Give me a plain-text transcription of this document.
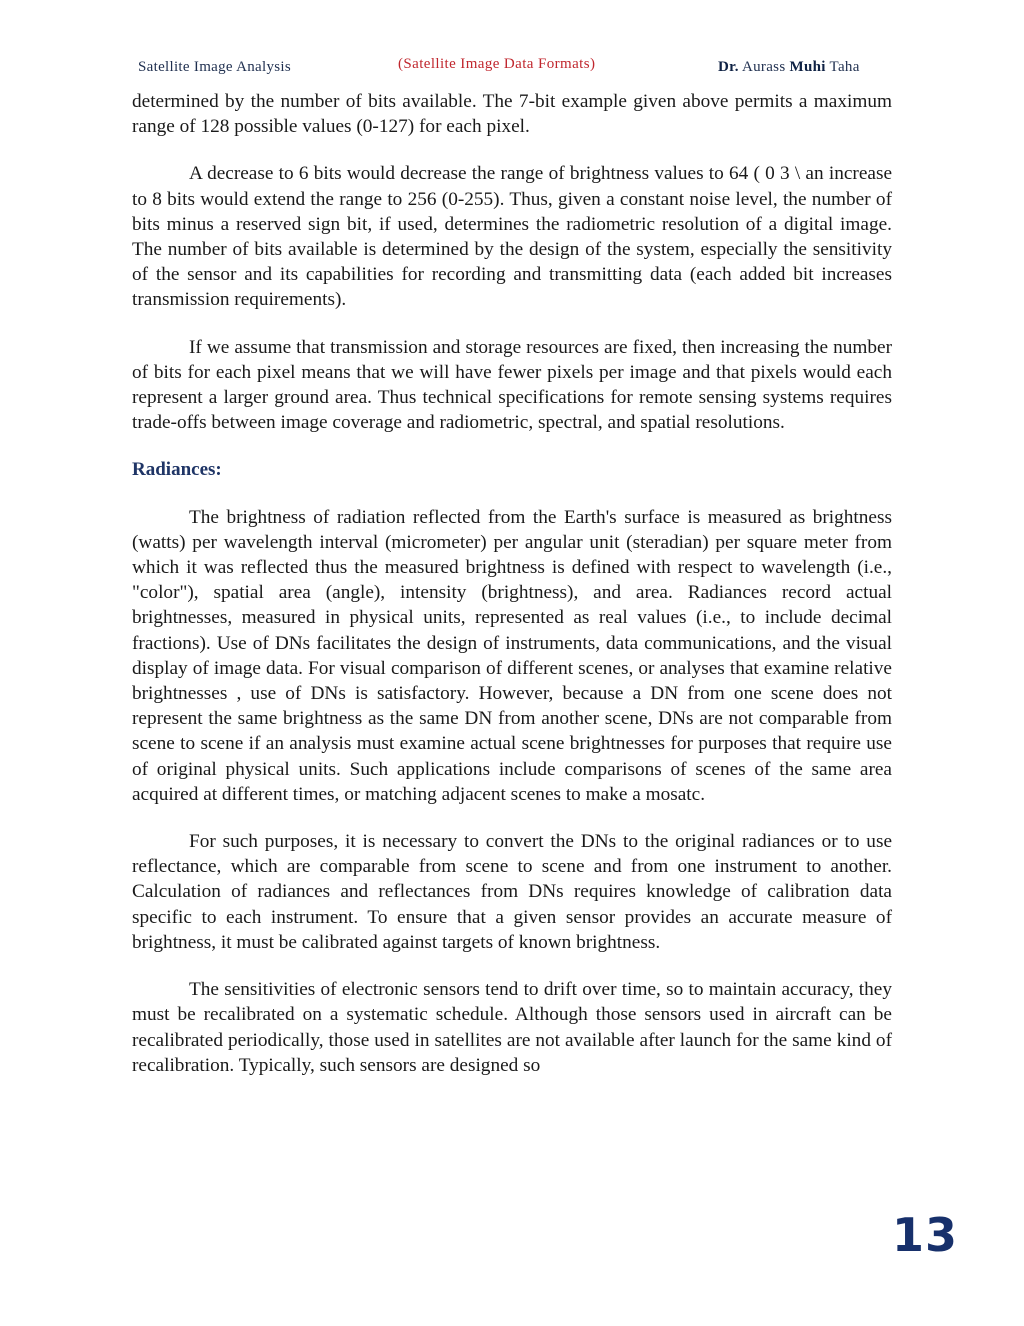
Satellite Image Analysis	(Satellite Image Data Formats)	Dr. Aurass Muhi Taha

determined by the number of bits available. The 7-bit example given above permits a maximum range of 128 possible values (0-127) for each pixel.

A decrease to 6 bits would decrease the range of brightness values to 64 ( 0 3 \ an increase to 8 bits would extend the range to 256 (0-255). Thus, given a constant noise level, the number of bits minus a reserved sign bit, if used, determines the radiometric resolution of a digital image. The number of bits available is determined by the design of the system, especially the sensitivity of the sensor and its capabilities for recording and transmitting data (each added bit increases transmission requirements).

If we assume that transmission and storage resources are fixed, then increasing the number of bits for each pixel means that we will have fewer pixels per image and that pixels would each represent a larger ground area. Thus technical specifications for remote sensing systems requires trade-offs between image coverage and radiometric, spectral, and spatial resolutions.

Radiances:

The brightness of radiation reflected from the Earth's surface is measured as brightness (watts) per wavelength interval (micrometer) per angular unit (steradian) per square meter from which it was reflected thus the measured brightness is defined with respect to wavelength (i.e., "color"), spatial area (angle), intensity (brightness), and area. Radiances record actual brightnesses, measured in physical units, represented as real values (i.e., to include decimal fractions). Use of DNs facilitates the design of instruments, data communications, and the visual display of image data. For visual comparison of different scenes, or analyses that examine relative brightnesses , use of DNs is satisfactory. However, because a DN from one scene does not represent the same brightness as the same DN from another scene, DNs are not comparable from scene to scene if an analysis must examine actual scene brightnesses for purposes that require use of original physical units. Such applications include comparisons of scenes of the same area acquired at different times, or matching adjacent scenes to make a mosatc.

For such purposes, it is necessary to convert the DNs to the original radiances or to use reflectance, which are comparable from scene to scene and from one instrument to another. Calculation of radiances and reflectances from DNs requires knowledge of calibration data specific to each instrument. To ensure that a given sensor provides an accurate measure of brightness, it must be calibrated against targets of known brightness.

The sensitivities of electronic sensors tend to drift over time, so to maintain accuracy, they must be recalibrated on a systematic schedule. Although those sensors used in aircraft can be recalibrated periodically, those used in satellites are not available after launch for the same kind of recalibration. Typically, such sensors are designed so

13
